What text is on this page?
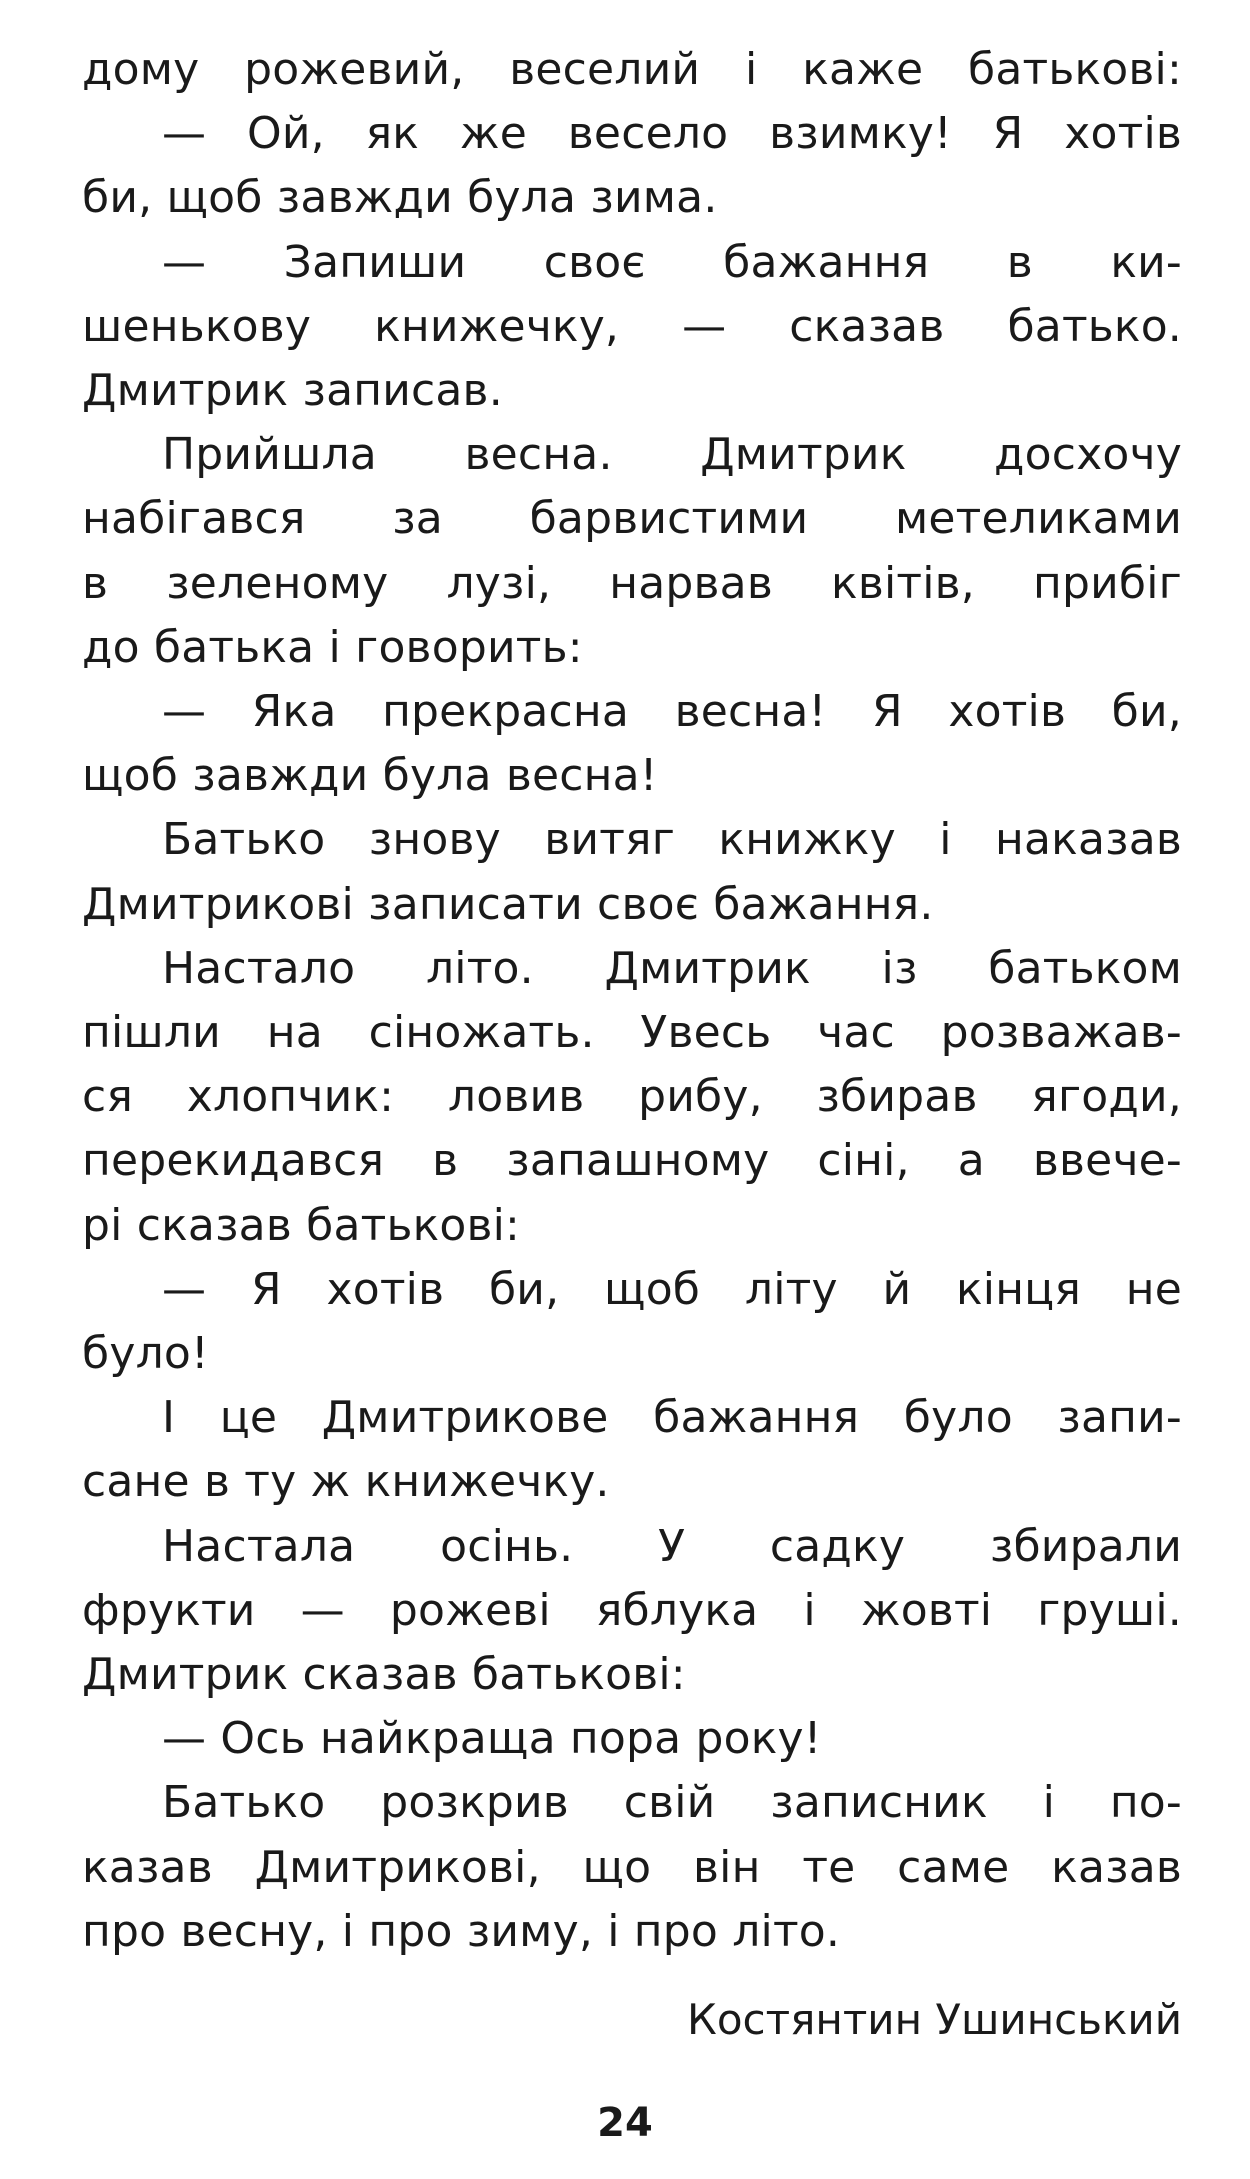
дому рожевий, веселий і каже батькові:
— Ой, як же весело взимку! Я хотів
би, щоб завжди була зима.
— Запиши своє бажання в ки-
шенькову книжечку, — сказав батько.
Дмитрик записав.
Прийшла весна. Дмитрик досхочу
набігався за барвистими метеликами
в зеленому лузі, нарвав квітів, прибіг
до батька і говорить:
— Яка прекрасна весна! Я хотів би,
щоб завжди була весна!
Батько знову витяг книжку і наказав
Дмитрикові записати своє бажання.
Настало літо. Дмитрик із батьком
пішли на сіножать. Увесь час розважав-
ся хлопчик: ловив рибу, збирав ягоди,
перекидався в запашному сіні, а ввече-
рі сказав батькові:
— Я хотів би, щоб літу й кінця не
було!
І це Дмитрикове бажання було запи-
сане в ту ж книжечку.
Настала осінь. У садку збирали
фрукти — рожеві яблука і жовті груші.
Дмитрик сказав батькові:
— Ось найкраща пора року!
Батько розкрив свій записник і по-
казав Дмитрикові, що він те саме казав
про весну, і про зиму, і про літо.
Костянтин Ушинський
24
